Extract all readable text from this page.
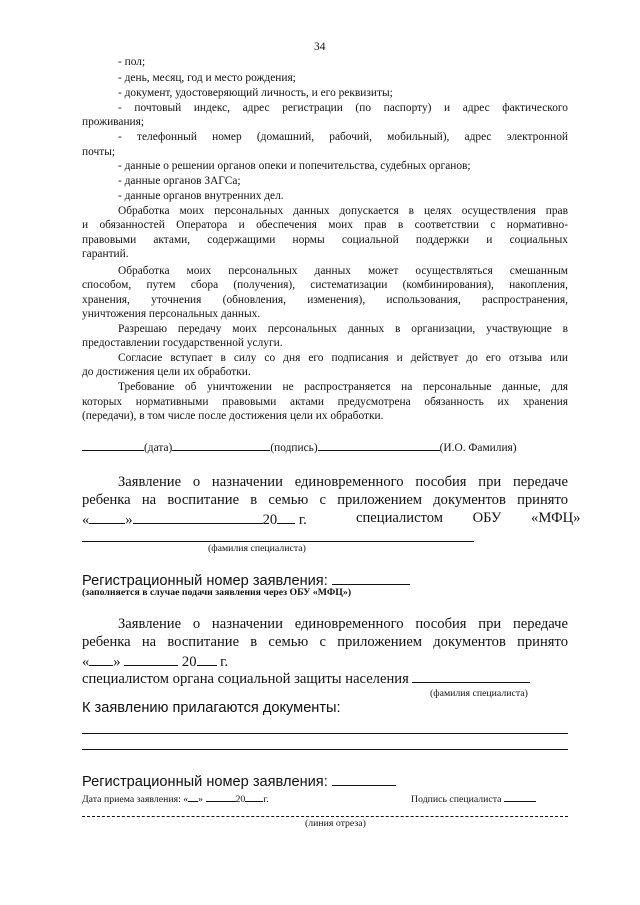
34
- пол;
- день, месяц, год и место рождения;
- документ, удостоверяющий личность, и его реквизиты;
- почтовый индекс, адрес регистрации (по паспорту) и адрес фактического
проживания;
- телефонный номер (домашний, рабочий, мобильный), адрес электронной
почты;
- данные о решении органов опеки и попечительства, судебных органов;
- данные органов ЗАГСа;
- данные органов внутренних дел.
Обработка моих персональных данных допускается в целях осуществления прав
и обязанностей Оператора и обеспечения моих прав в соответствии с нормативно-
правовыми актами, содержащими нормы социальной поддержки и социальных
гарантий.
Обработка моих персональных данных может осуществляться смешанным
способом, путем сбора (получения), систематизации (комбинирования), накопления,
хранения, уточнения (обновления, изменения), использования, распространения,
уничтожения персональных данных.
Разрешаю передачу моих персональных данных в организации, участвующие в
предоставлении государственной услуги.
Согласие вступает в силу со дня его подписания и действует до его отзыва или
до достижения цели их обработки.
Требование об уничтожении не распространяется на персональные данные, для
которых нормативными правовыми актами предусмотрена обязанность их хранения
(передачи), в том числе после достижения цели их обработки.
(дата)	(подпись)	(И.О. Фамилия)
Заявление о назначении единовременного пособия при передаче
ребенка на воспитание в семью с приложением документов принято
« »	20 г.	специалистом ОБУ «МФЦ»
(фамилия специалиста)
Регистрационный номер заявления:
(заполняется в случае подачи заявления через ОБУ «МФЦ»)
Заявление о назначении единовременного пособия при передаче
ребенка на воспитание в семью с приложением документов принято
« »	20 г.
специалистом органа социальной защиты населения
(фамилия специалиста)
К заявлению прилагаются документы:
Регистрационный номер заявления:
Дата приема заявления: « »	20 г.	Подпись специалиста
(линия отреза)
